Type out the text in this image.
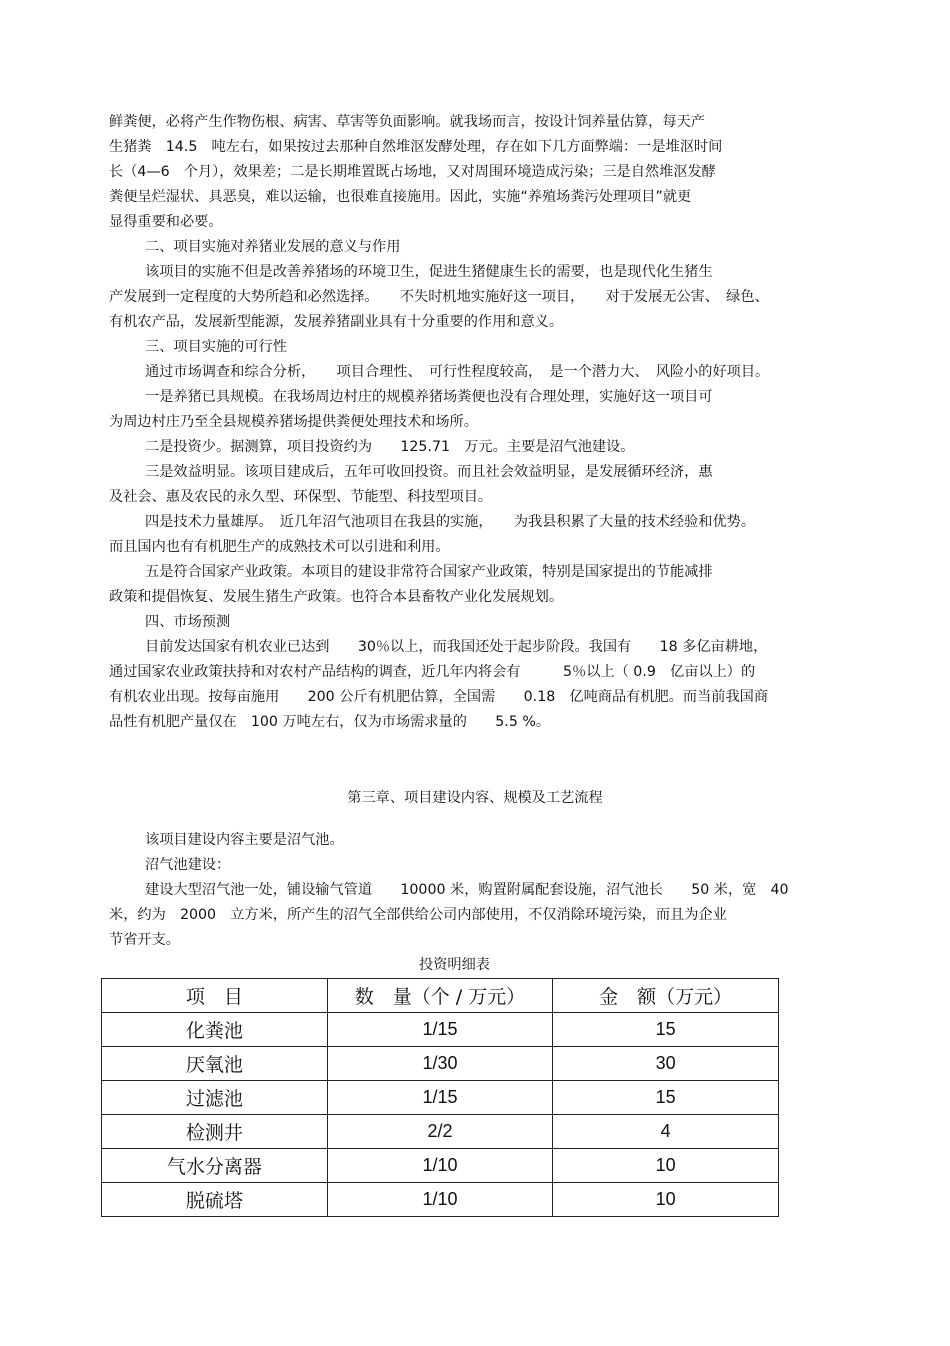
鲜粪便，必将产生作物伤根、病害、草害等负面影响。就我场而言，按设计饲养量估算，每天产
生猪粪　14.5　吨左右，如果按过去那种自然堆沤发酵处理，存在如下几方面弊端：一是堆沤时间
长（4—6　个月），效果差；二是长期堆置既占场地，又对周围环境造成污染；三是自然堆沤发酵
粪便呈烂湿状、具恶臭，难以运输，也很难直接施用。因此，实施“养殖场粪污处理项目”就更
显得重要和必要。
二、项目实施对养猪业发展的意义与作用
该项目的实施不但是改善养猪场的环境卫生，促进生猪健康生长的需要，也是现代化生猪生
产发展到一定程度的大势所趋和必然选择。　　不失时机地实施好这一项目，　　对于发展无公害、　绿色、
有机农产品，发展新型能源，发展养猪副业具有十分重要的作用和意义。
三、项目实施的可行性
通过市场调查和综合分析，　　项目合理性、　可行性程度较高，　是一个潜力大、　风险小的好项目。
一是养猪已具规模。在我场周边村庄的规模养猪场粪便也没有合理处理，实施好这一项目可
为周边村庄乃至全县规模养猪场提供粪便处理技术和场所。
二是投资少。据测算，项目投资约为　　125.71　万元。主要是沼气池建设。
三是效益明显。该项目建成后，五年可收回投资。而且社会效益明显，是发展循环经济，惠
及社会、惠及农民的永久型、环保型、节能型、科技型项目。
四是技术力量雄厚。　近几年沼气池项目在我县的实施，　　为我县积累了大量的技术经验和优势。
而且国内也有有机肥生产的成熟技术可以引进和利用。
五是符合国家产业政策。本项目的建设非常符合国家产业政策，特别是国家提出的节能减排
政策和提倡恢复、发展生猪生产政策。也符合本县畜牧产业化发展规划。
四、市场预测
目前发达国家有机农业已达到　　30％以上，而我国还处于起步阶段。我国有　　18 多亿亩耕地，
通过国家农业政策扶持和对农村产品结构的调查，近几年内将会有　　　5％以上（ 0.9　亿亩以上）的
有机农业出现。按每亩施用　　200 公斤有机肥估算，全国需　　0.18　亿吨商品有机肥。而当前我国商
品性有机肥产量仅在　100 万吨左右，仅为市场需求量的　　5.5 %。
第三章、项目建设内容、规模及工艺流程
该项目建设内容主要是沼气池。
沼气池建设：
建设大型沼气池一处，铺设输气管道　　10000 米，购置附属配套设施，沼气池长　　50 米，宽　40
米，约为　2000　立方米，所产生的沼气全部供给公司内部使用，不仅消除环境污染，而且为企业
节省开支。
投资明细表
项　目	数　量（个 / 万元）	金　额（万元）
化粪池	1/15	15
厌氧池	1/30	30
过滤池	1/15	15
检测井	2/2	4
气水分离器	1/10	10
脱硫塔	1/10	10
